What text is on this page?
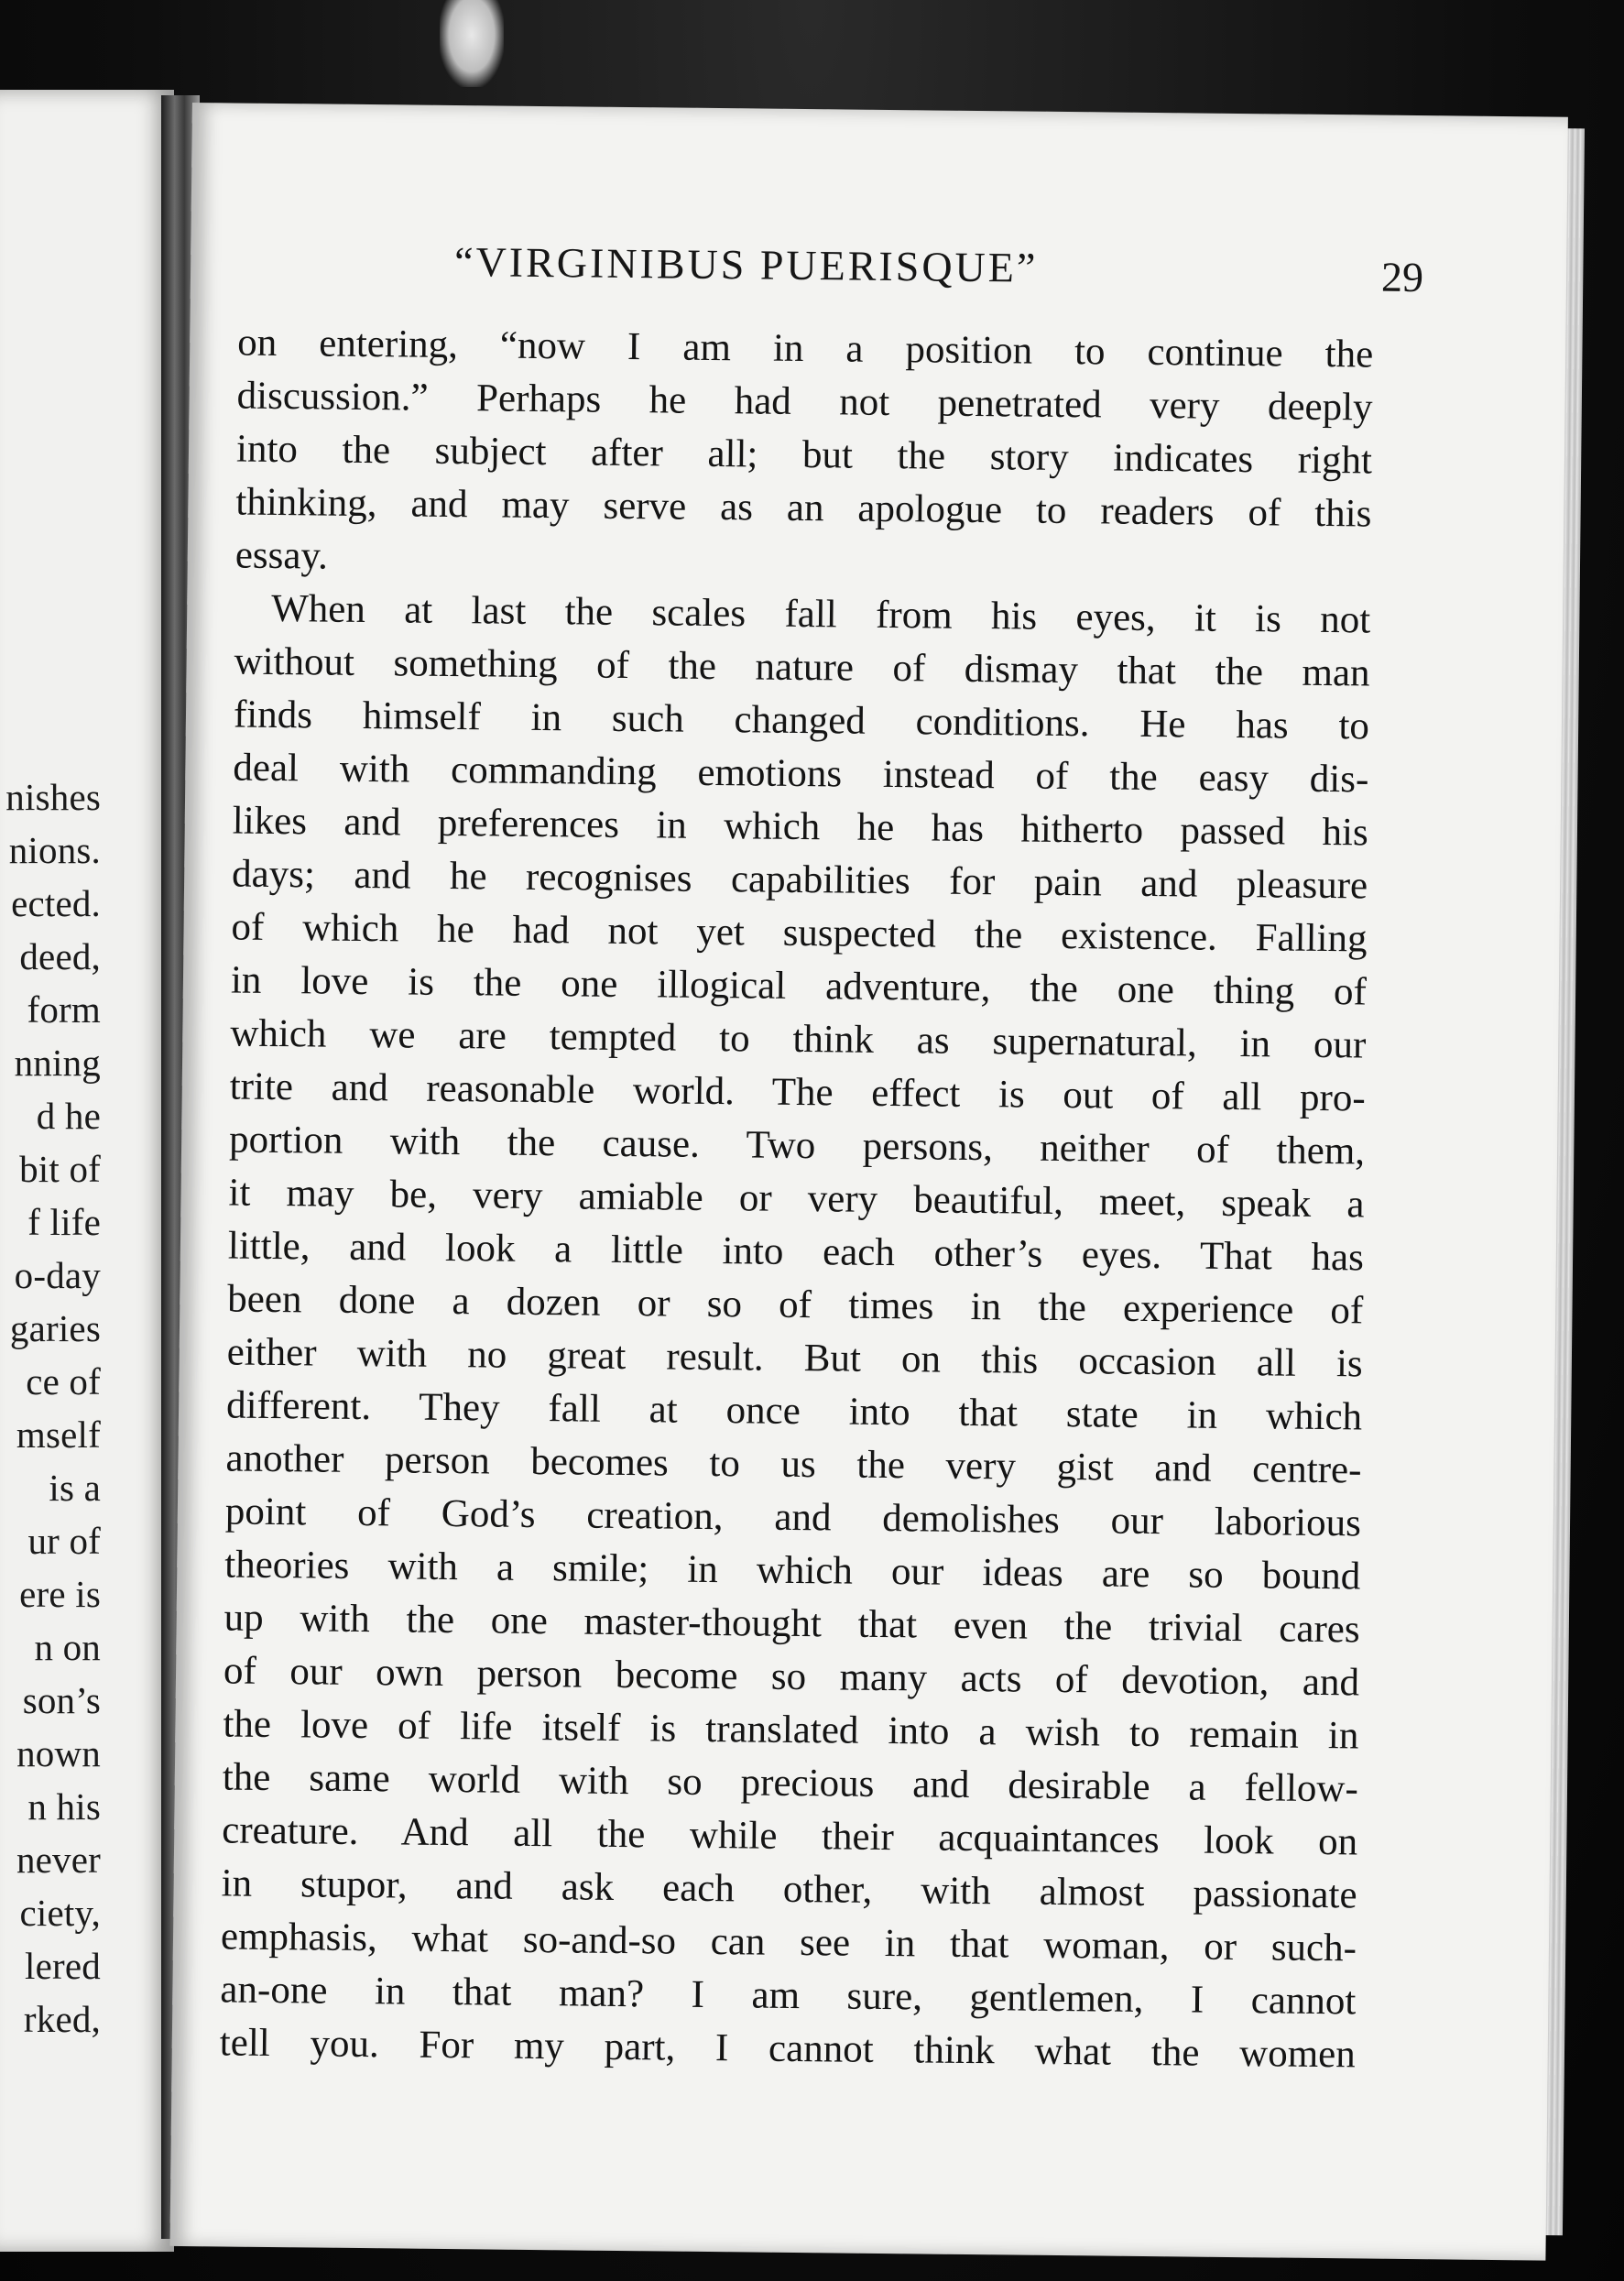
nishes
nions.
ected.
deed,
form
nning
d he
bit of
f life
o-day
garies
ce of
mself
is a
ur of
ere is
n on
son’s
nown
n his
never
ciety,
lered
rked,
“VIRGINIBUS PUERISQUE”	29
on entering, “now I am in a position to continue the
discussion.” Perhaps he had not penetrated very deeply
into the subject after all; but the story indicates right
thinking, and may serve as an apologue to readers of this
essay.
When at last the scales fall from his eyes, it is not
without something of the nature of dismay that the man
finds himself in such changed conditions. He has to
deal with commanding emotions instead of the easy dis-
likes and preferences in which he has hitherto passed his
days; and he recognises capabilities for pain and pleasure
of which he had not yet suspected the existence. Falling
in love is the one illogical adventure, the one thing of
which we are tempted to think as supernatural, in our
trite and reasonable world. The effect is out of all pro-
portion with the cause. Two persons, neither of them,
it may be, very amiable or very beautiful, meet, speak a
little, and look a little into each other’s eyes. That has
been done a dozen or so of times in the experience of
either with no great result. But on this occasion all is
different. They fall at once into that state in which
another person becomes to us the very gist and centre-
point of God’s creation, and demolishes our laborious
theories with a smile; in which our ideas are so bound
up with the one master-thought that even the trivial cares
of our own person become so many acts of devotion, and
the love of life itself is translated into a wish to remain in
the same world with so precious and desirable a fellow-
creature. And all the while their acquaintances look on
in stupor, and ask each other, with almost passionate
emphasis, what so-and-so can see in that woman, or such-
an-one in that man? I am sure, gentlemen, I cannot
tell you. For my part, I cannot think what the women
